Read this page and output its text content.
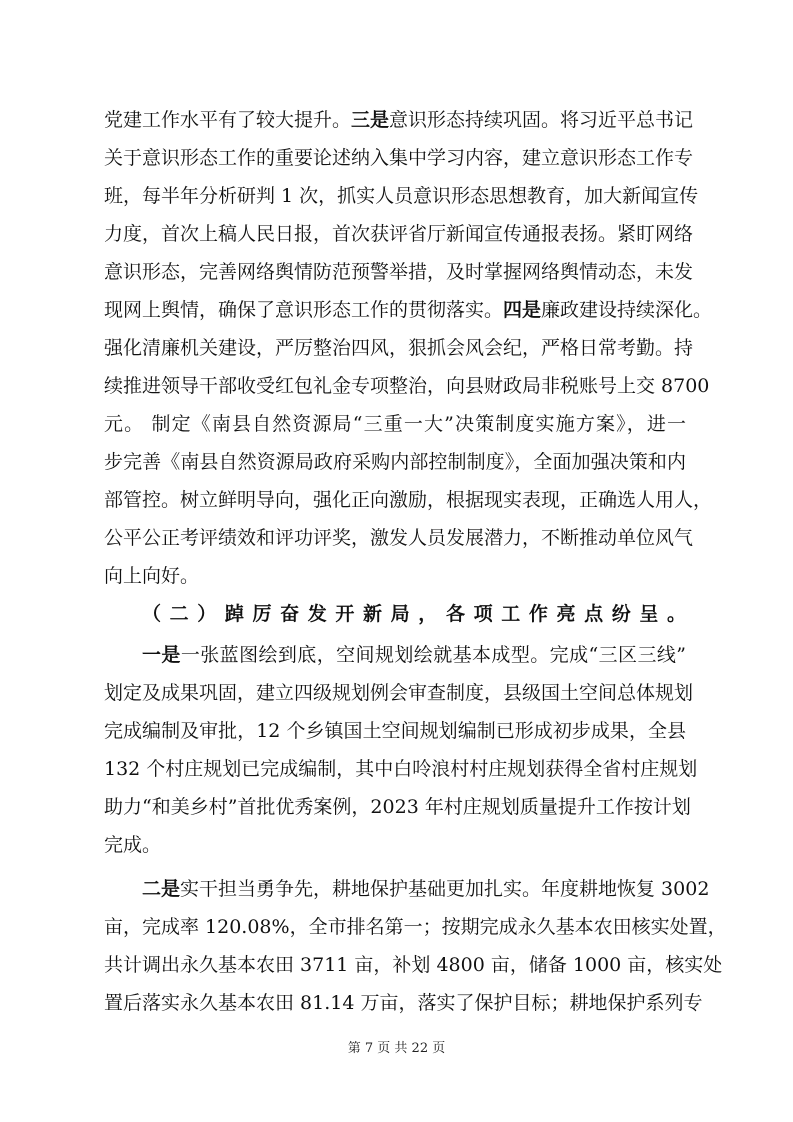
党建工作水平有了较大提升。三是意识形态持续巩固。将习近平总书记
关于意识形态工作的重要论述纳入集中学习内容，建立意识形态工作专
班，每半年分析研判 1 次，抓实人员意识形态思想教育，加大新闻宣传
力度，首次上稿人民日报，首次获评省厅新闻宣传通报表扬。紧盯网络
意识形态，完善网络舆情防范预警举措，及时掌握网络舆情动态，未发
现网上舆情，确保了意识形态工作的贯彻落实。四是廉政建设持续深化。
强化清廉机关建设，严厉整治四风，狠抓会风会纪，严格日常考勤。持
续推进领导干部收受红包礼金专项整治，向县财政局非税账号上交 8700
元。 制定《南县自然资源局“三重一大”决策制度实施方案》，进一
步完善《南县自然资源局政府采购内部控制制度》，全面加强决策和内
部管控。树立鲜明导向，强化正向激励，根据现实表现，正确选人用人，
公平公正考评绩效和评功评奖，激发人员发展潜力，不断推动单位风气
向上向好。
（二）踔厉奋发开新局，各项工作亮点纷呈。
一是一张蓝图绘到底，空间规划绘就基本成型。完成“三区三线”
划定及成果巩固，建立四级规划例会审查制度，县级国土空间总体规划
完成编制及审批，12 个乡镇国土空间规划编制已形成初步成果，全县
132 个村庄规划已完成编制，其中白呤浪村村庄规划获得全省村庄规划
助力“和美乡村”首批优秀案例，2023 年村庄规划质量提升工作按计划
完成。
二是实干担当勇争先，耕地保护基础更加扎实。年度耕地恢复 3002
亩，完成率 120.08%，全市排名第一；按期完成永久基本农田核实处置，
共计调出永久基本农田 3711 亩，补划 4800 亩，储备 1000 亩，核实处
置后落实永久基本农田 81.14 万亩，落实了保护目标；耕地保护系列专
第 7 页 共 22 页
